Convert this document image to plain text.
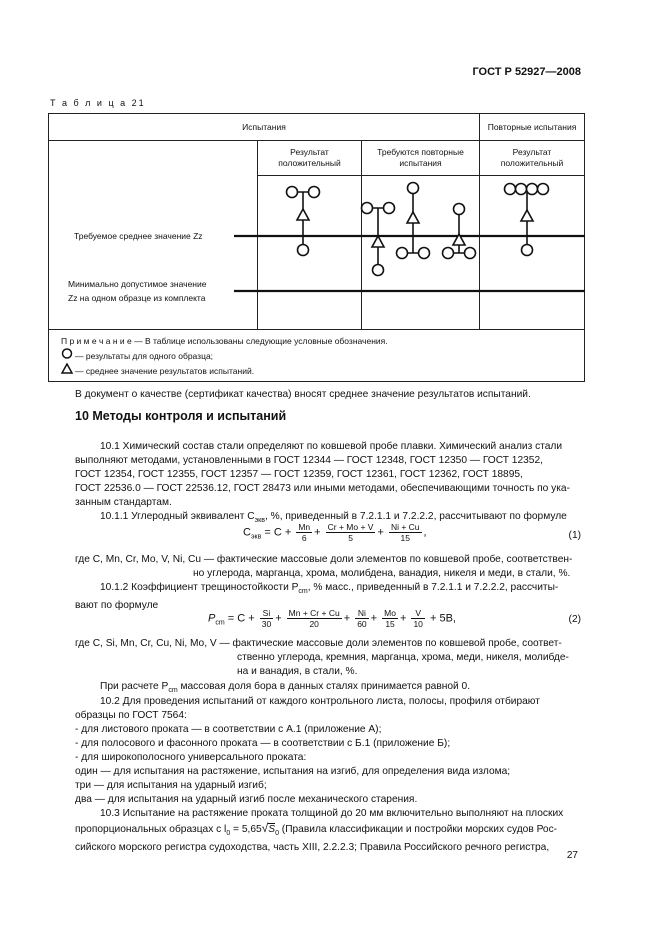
ГОСТ Р 52927—2008
Т а б л и ц а 21
Испытания			Повторные испытания
	Результат положительный	Требуются повторные испытания	Результат положительный

Требуемое среднее значение Zz
Минимально допустимое значение
Zz на одном образце из комплекта
П р и м е ч а н и е — В таблице использованы следующие условные обозначения.
— результаты для одного образца;
— среднее значение результатов испытаний.
В документ о качестве (сертификат качества) вносят среднее значение результатов испытаний.
10 Методы контроля и испытаний
10.1 Химический состав стали определяют по ковшевой пробе плавки. Химический анализ стали
выполняют методами, установленными в ГОСТ 12344 — ГОСТ 12348, ГОСТ 12350 — ГОСТ 12352,
ГОСТ 12354, ГОСТ 12355, ГОСТ 12357 — ГОСТ 12359, ГОСТ 12361, ГОСТ 12362, ГОСТ 18895,
ГОСТ 22536.0 — ГОСТ 22536.12, ГОСТ 28473 или иными методами, обеспечивающими точность по ука-
занным стандартам.
10.1.1 Углеродный эквивалент $С_{экв}$, %, приведенный в 7.2.1.1 и 7.2.2.2, рассчитывают по формуле
$С_{экв} = С + \frac{Mn}{6} + \frac{Cr + Mo + V}{5} + \frac{Ni + Cu}{15}$ ,	(1)
где С, Mn, Cr, Mo, V, Ni, Cu — фактические массовые доли элементов по ковшевой пробе, соответствен-
но углерода, марганца, хрома, молибдена, ванадия, никеля и меди, в стали, %.
10.1.2 Коэффициент трещиностойкости $P_{cm}$, % масс., приведенный в 7.2.1.1 и 7.2.2.2, рассчиты-
вают по формуле
$P_{cm} = С + \frac{Si}{30} + \frac{Mn + Cr + Cu}{20} + \frac{Ni}{60} + \frac{Mo}{15} + \frac{V}{10} + 5B$,	(2)
где С, Si, Mn, Cr, Cu, Ni, Mo, V — фактические массовые доли элементов по ковшевой пробе, соответ-
ственно углерода, кремния, марганца, хрома, меди, никеля, молибде-
на и ванадия, в стали, %.
При расчете $P_{cm}$ массовая доля бора в данных сталях принимается равной 0.
10.2 Для проведения испытаний от каждого контрольного листа, полосы, профиля отбирают
образцы по ГОСТ 7564:
- для листового проката — в соответствии с А.1 (приложение А);
- для полосового и фасонного проката — в соответствии с Б.1 (приложение Б);
- для широкополосного универсального проката:
один — для испытания на растяжение, испытания на изгиб, для определения вида излома;
три — для испытания на ударный изгиб;
два — для испытания на ударный изгиб после механического старения.
10.3 Испытание на растяжение проката толщиной до 20 мм включительно выполняют на плоских
пропорциональных образцах с $l_0 = 5,65√S_0$ (Правила классификации и постройки морских судов Рос-
сийского морского регистра судоходства, часть XIII, 2.2.2.3; Правила Российского речного регистра,
27
